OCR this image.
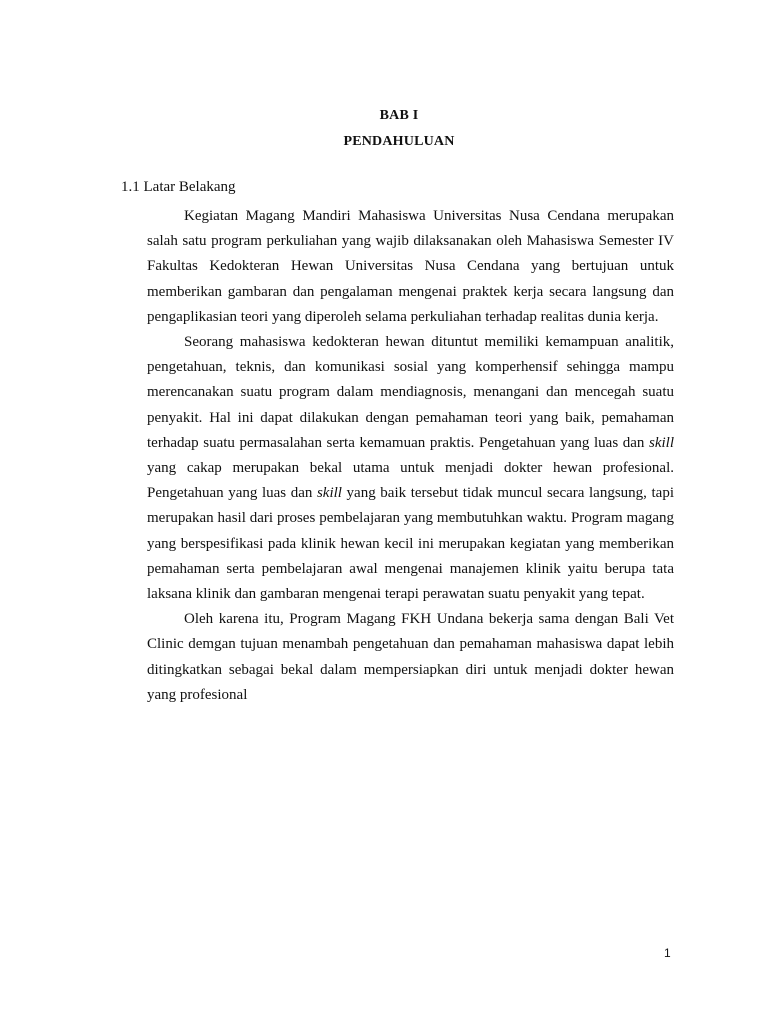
BAB I
PENDAHULUAN
1.1 Latar Belakang

Kegiatan Magang Mandiri Mahasiswa Universitas Nusa Cendana merupakan salah satu program perkuliahan yang wajib dilaksanakan oleh Mahasiswa Semester IV Fakultas Kedokteran Hewan Universitas Nusa Cendana yang bertujuan untuk memberikan gambaran dan pengalaman mengenai praktek kerja secara langsung dan pengaplikasian teori yang diperoleh selama perkuliahan terhadap realitas dunia kerja.

Seorang mahasiswa kedokteran hewan dituntut memiliki kemampuan analitik, pengetahuan, teknis, dan komunikasi sosial yang komperhensif sehingga mampu merencanakan suatu program dalam mendiagnosis, menangani dan mencegah suatu penyakit. Hal ini dapat dilakukan dengan pemahaman teori yang baik, pemahaman terhadap suatu permasalahan serta kemamuan praktis. Pengetahuan yang luas dan skill yang cakap merupakan bekal utama untuk menjadi dokter hewan profesional. Pengetahuan yang luas dan skill yang baik tersebut tidak muncul secara langsung, tapi merupakan hasil dari proses pembelajaran yang membutuhkan waktu. Program magang yang berspesifikasi pada klinik hewan kecil ini merupakan kegiatan yang memberikan pemahaman serta pembelajaran awal mengenai manajemen klinik yaitu berupa tata laksana klinik dan gambaran mengenai terapi perawatan suatu penyakit yang tepat.

Oleh karena itu, Program Magang FKH Undana bekerja sama dengan Bali Vet Clinic demgan tujuan menambah pengetahuan dan pemahaman mahasiswa dapat lebih ditingkatkan sebagai bekal dalam mempersiapkan diri untuk menjadi dokter hewan yang profesional

1
